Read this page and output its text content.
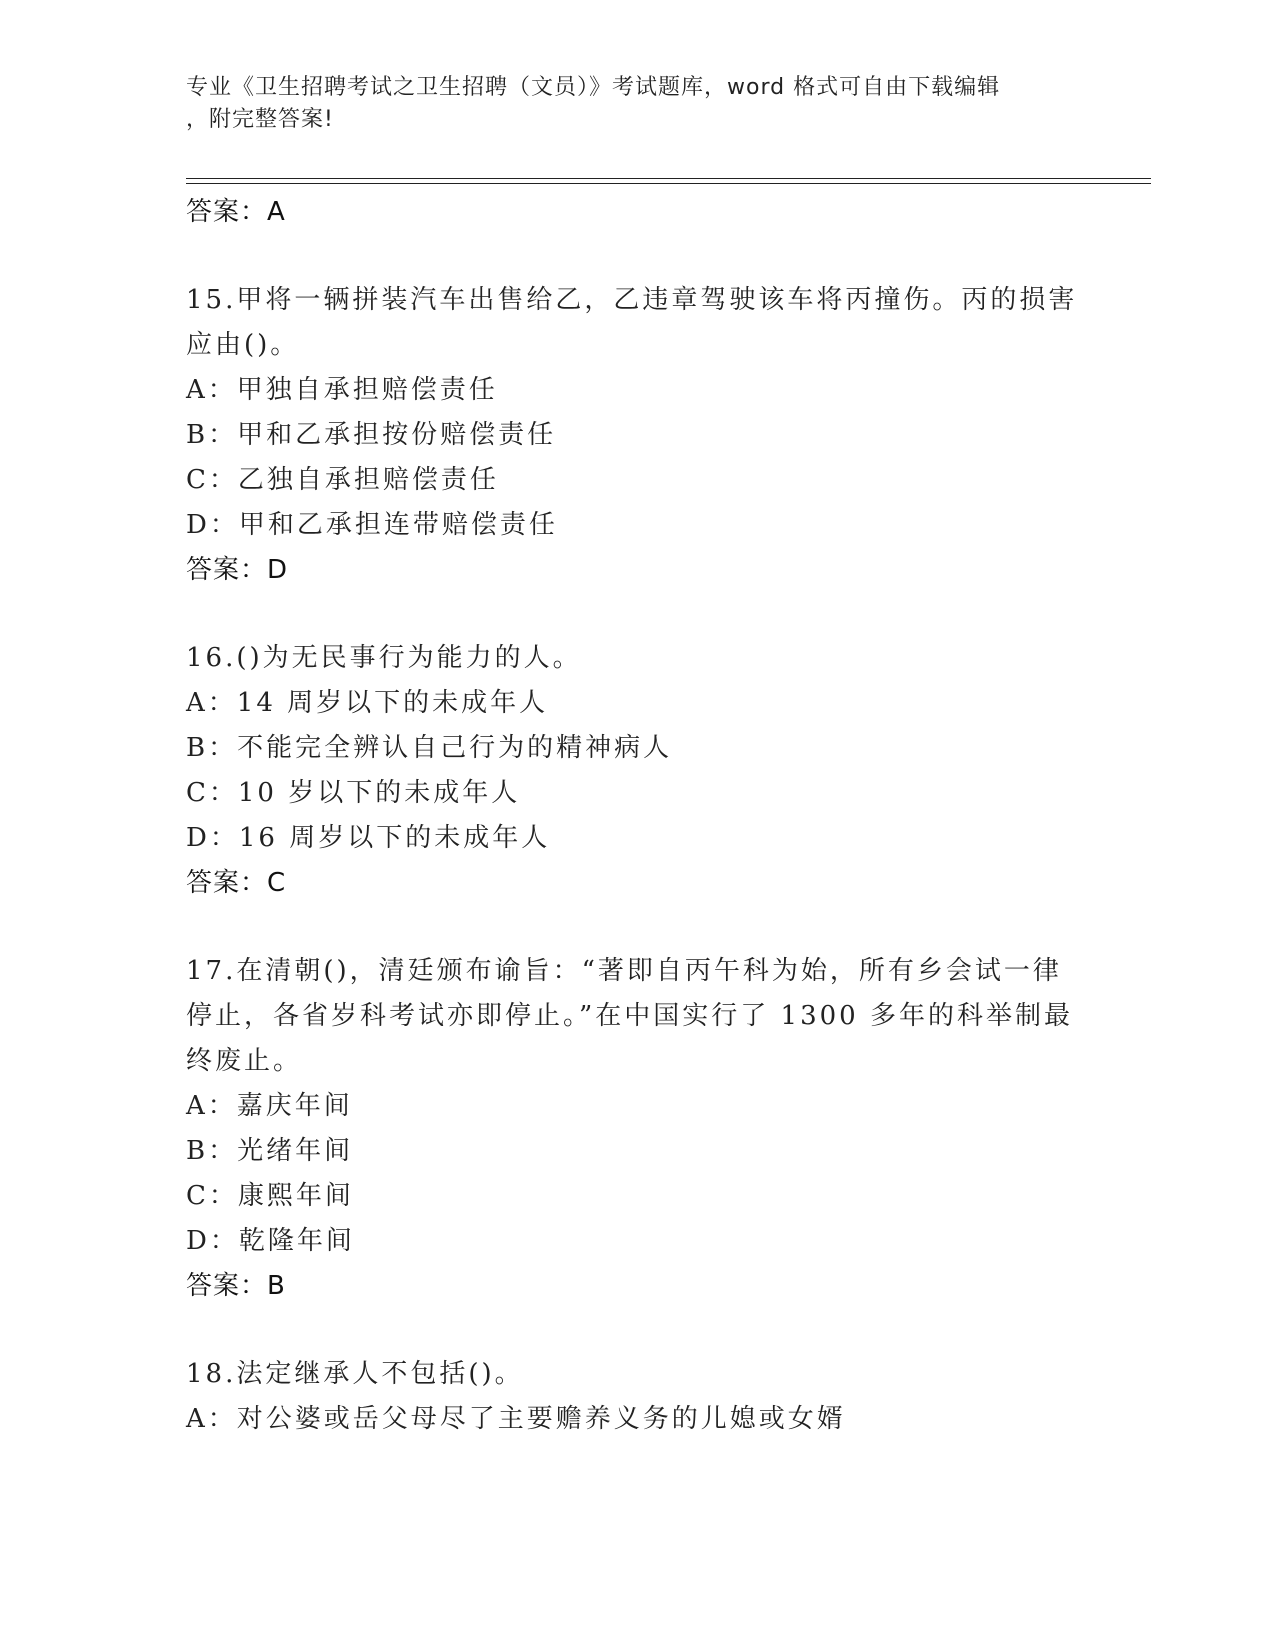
专业《卫生招聘考试之卫生招聘（文员）》考试题库，word 格式可自由下载编辑
，附完整答案!
答案：A
15.甲将一辆拼装汽车出售给乙，乙违章驾驶该车将丙撞伤。丙的损害应由()。
A：甲独自承担赔偿责任
B：甲和乙承担按份赔偿责任
C：乙独自承担赔偿责任
D：甲和乙承担连带赔偿责任
答案：D
16.()为无民事行为能力的人。
A：14 周岁以下的未成年人
B：不能完全辨认自己行为的精神病人
C：10 岁以下的未成年人
D：16 周岁以下的未成年人
答案：C
17.在清朝()，清廷颁布谕旨：“著即自丙午科为始，所有乡会试一律停止，各省岁科考试亦即停止。”在中国实行了 1300 多年的科举制最终废止。
A：嘉庆年间
B：光绪年间
C：康熙年间
D：乾隆年间
答案：B
18.法定继承人不包括()。
A：对公婆或岳父母尽了主要赡养义务的儿媳或女婿
